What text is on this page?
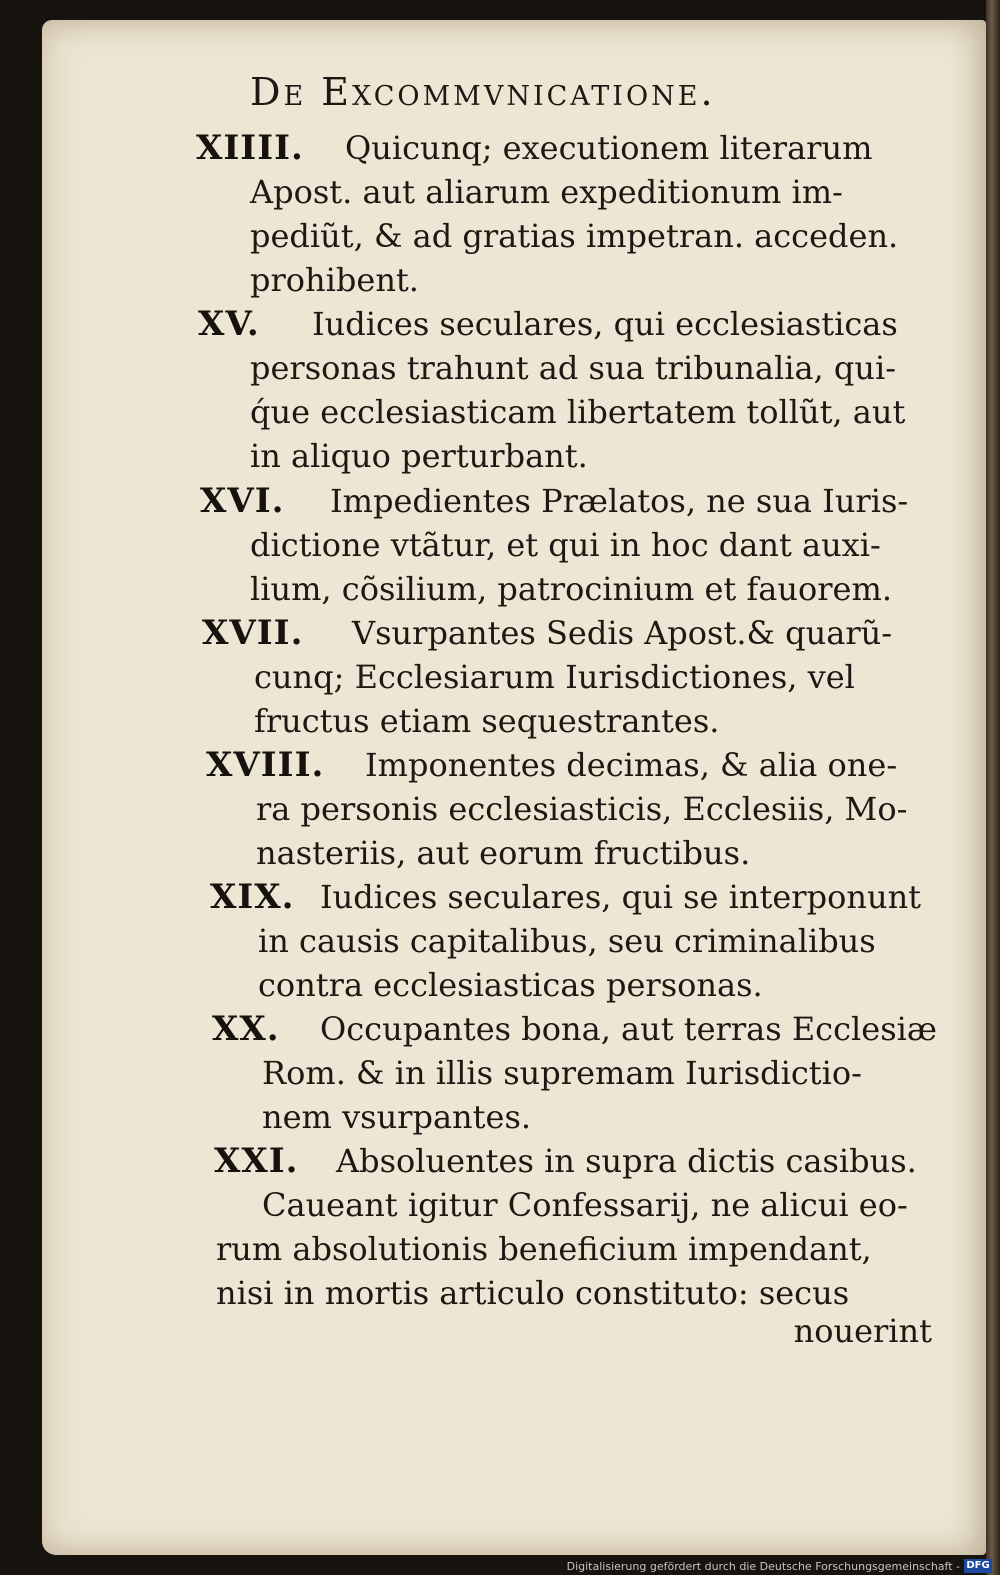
De Excommvnicatione.
XIIII. Quicunq; executionem literarum
Apost. aut aliarum expeditionum im-
pediũt, & ad gratias impetran. acceden.
prohibent.
XV. Iudices seculares, qui ecclesiasticas
personas trahunt ad sua tribunalia, qui-
q́ue ecclesiasticam libertatem tollũt, aut
in aliquo perturbant.
XVI. Impedientes Prælatos, ne sua Iuris-
dictione vtãtur, et qui in hoc dant auxi-
lium, cõsilium, patrocinium et fauorem.
XVII. Vsurpantes Sedis Apost.& quarũ-
cunq; Ecclesiarum Iurisdictiones, vel
fructus etiam sequestrantes.
XVIII. Imponentes decimas, & alia one-
ra personis ecclesiasticis, Ecclesiis, Mo-
nasteriis, aut eorum fructibus.
XIX. Iudices seculares, qui se interponunt
in causis capitalibus, seu criminalibus
contra ecclesiasticas personas.
XX. Occupantes bona, aut terras Ecclesiæ
Rom. & in illis supremam Iurisdictio-
nem vsurpantes.
XXI. Absoluentes in supra dictis casibus.
Caueant igitur Confessarij, ne alicui eo-
rum absolutionis beneficium impendant,
nisi in mortis articulo constituto: secus
nouerint
Digitalisierung gefördert durch die Deutsche Forschungsgemeinschaft - DFG
